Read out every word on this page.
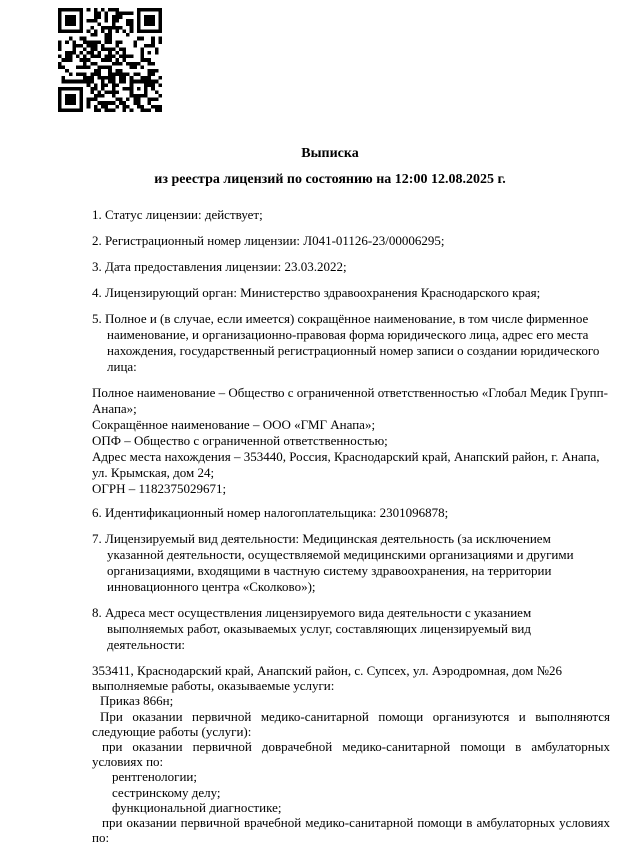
Выписка
из реестра лицензий по состоянию на 12:00 12.08.2025 г.
1. Статус лицензии: действует;
2. Регистрационный номер лицензии: Л041-01126-23/00006295;
3. Дата предоставления лицензии: 23.03.2022;
4. Лицензирующий орган: Министерство здравоохранения Краснодарского края;
5. Полное и (в случае, если имеется) сокращённое наименование, в том числе фирменное наименование, и организационно-правовая форма юридического лица, адрес его места нахождения, государственный регистрационный номер записи о создании юридического лица:
Полное наименование – Общество с ограниченной ответственностью «Глобал Медик Групп-Анапа»;
Сокращённое наименование – ООО «ГМГ Анапа»;
ОПФ – Общество с ограниченной ответственностью;
Адрес места нахождения – 353440, Россия, Краснодарский край, Анапский район, г. Анапа, ул. Крымская, дом 24;
ОГРН – 1182375029671;
6. Идентификационный номер налогоплательщика: 2301096878;
7. Лицензируемый вид деятельности: Медицинская деятельность (за исключением указанной деятельности, осуществляемой медицинскими организациями и другими организациями, входящими в частную систему здравоохранения, на территории инновационного центра «Сколково»);
8. Адреса мест осуществления лицензируемого вида деятельности с указанием выполняемых работ, оказываемых услуг, составляющих лицензируемый вид деятельности:
353411, Краснодарский край, Анапский район, с. Супсех, ул. Аэродромная, дом №26
выполняемые работы, оказываемые услуги:
Приказ 866н;
При оказании первичной медико-санитарной помощи организуются и выполняются следующие работы (услуги):
при оказании первичной доврачебной медико-санитарной помощи в амбулаторных условиях по:
рентгенологии;
сестринскому делу;
функциональной диагностике;
при оказании первичной врачебной медико-санитарной помощи в амбулаторных условиях по:
